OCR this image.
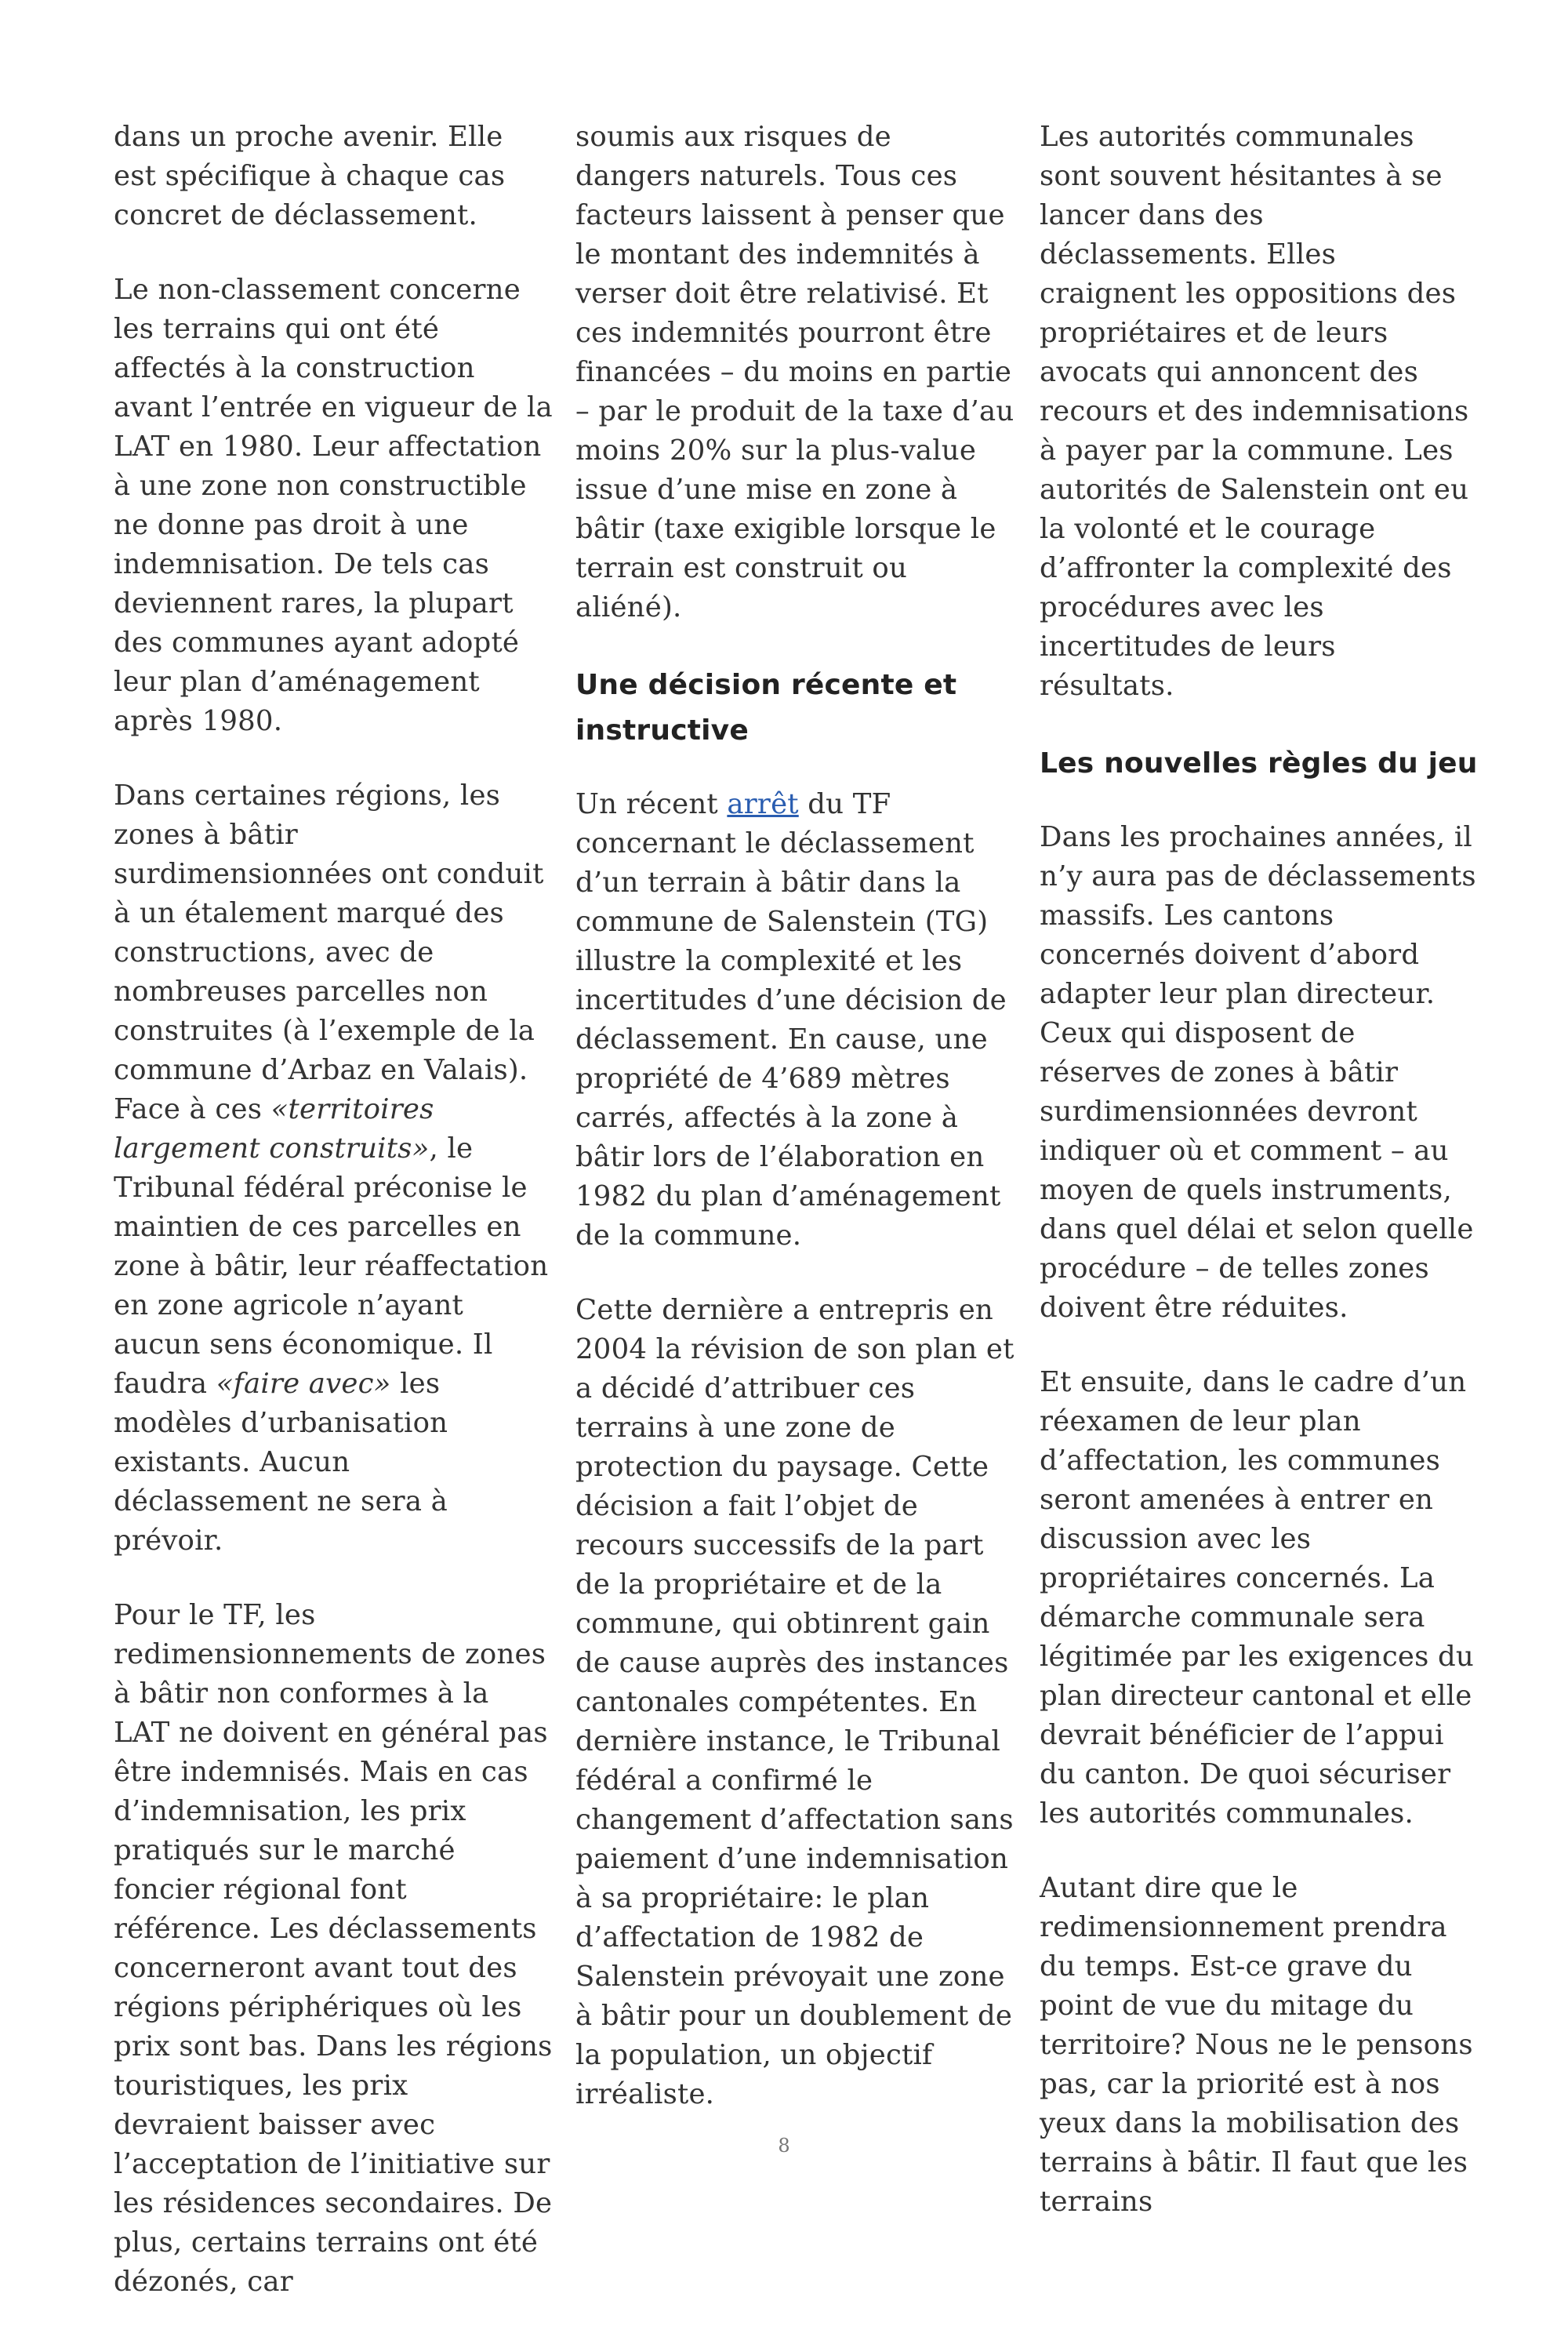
dans un proche avenir. Elle est spécifique à chaque cas concret de déclassement.

Le non-classement concerne les terrains qui ont été affectés à la construction avant l’entrée en vigueur de la LAT en 1980. Leur affectation à une zone non constructible ne donne pas droit à une indemnisation. De tels cas deviennent rares, la plupart des communes ayant adopté leur plan d’aménagement après 1980.

Dans certaines régions, les zones à bâtir surdimensionnées ont conduit à un étalement marqué des constructions, avec de nombreuses parcelles non construites (à l’exemple de la commune d’Arbaz en Valais). Face à ces «territoires largement construits», le Tribunal fédéral préconise le maintien de ces parcelles en zone à bâtir, leur réaffectation en zone agricole n’ayant aucun sens économique. Il faudra «faire avec» les modèles d’urbanisation existants. Aucun déclassement ne sera à prévoir.

Pour le TF, les redimensionnements de zones à bâtir non conformes à la LAT ne doivent en général pas être indemnisés. Mais en cas d’indemnisation, les prix pratiqués sur le marché foncier régional font référence. Les déclassements concerneront avant tout des régions périphériques où les prix sont bas. Dans les régions touristiques, les prix devraient baisser avec l’acceptation de l’initiative sur les résidences secondaires. De plus, certains terrains ont été dézonés, car

soumis aux risques de dangers naturels. Tous ces facteurs laissent à penser que le montant des indemnités à verser doit être relativisé. Et ces indemnités pourront être financées – du moins en partie – par le produit de la taxe d’au moins 20% sur la plus-value issue d’une mise en zone à bâtir (taxe exigible lorsque le terrain est construit ou aliéné).

Une décision récente et instructive

Un récent arrêt du TF concernant le déclassement d’un terrain à bâtir dans la commune de Salenstein (TG) illustre la complexité et les incertitudes d’une décision de déclassement. En cause, une propriété de 4’689 mètres carrés, affectés à la zone à bâtir lors de l’élaboration en 1982 du plan d’aménagement de la commune.

Cette dernière a entrepris en 2004 la révision de son plan et a décidé d’attribuer ces terrains à une zone de protection du paysage. Cette décision a fait l’objet de recours successifs de la part de la propriétaire et de la commune, qui obtinrent gain de cause auprès des instances cantonales compétentes. En dernière instance, le Tribunal fédéral a confirmé le changement d’affectation sans paiement d’une indemnisation à sa propriétaire: le plan d’affectation de 1982 de Salenstein prévoyait une zone à bâtir pour un doublement de la population, un objectif irréaliste.

Les autorités communales sont souvent hésitantes à se lancer dans des déclassements. Elles craignent les oppositions des propriétaires et de leurs avocats qui annoncent des recours et des indemnisations à payer par la commune. Les autorités de Salenstein ont eu la volonté et le courage d’affronter la complexité des procédures avec les incertitudes de leurs résultats.

Les nouvelles règles du jeu

Dans les prochaines années, il n’y aura pas de déclassements massifs. Les cantons concernés doivent d’abord adapter leur plan directeur. Ceux qui disposent de réserves de zones à bâtir surdimensionnées devront indiquer où et comment – au moyen de quels instruments, dans quel délai et selon quelle procédure – de telles zones doivent être réduites.

Et ensuite, dans le cadre d’un réexamen de leur plan d’affectation, les communes seront amenées à entrer en discussion avec les propriétaires concernés. La démarche communale sera légitimée par les exigences du plan directeur cantonal et elle devrait bénéficier de l’appui du canton. De quoi sécuriser les autorités communales.

Autant dire que le redimensionnement prendra du temps. Est-ce grave du point de vue du mitage du territoire? Nous ne le pensons pas, car la priorité est à nos yeux dans la mobilisation des terrains à bâtir. Il faut que les terrains

8
